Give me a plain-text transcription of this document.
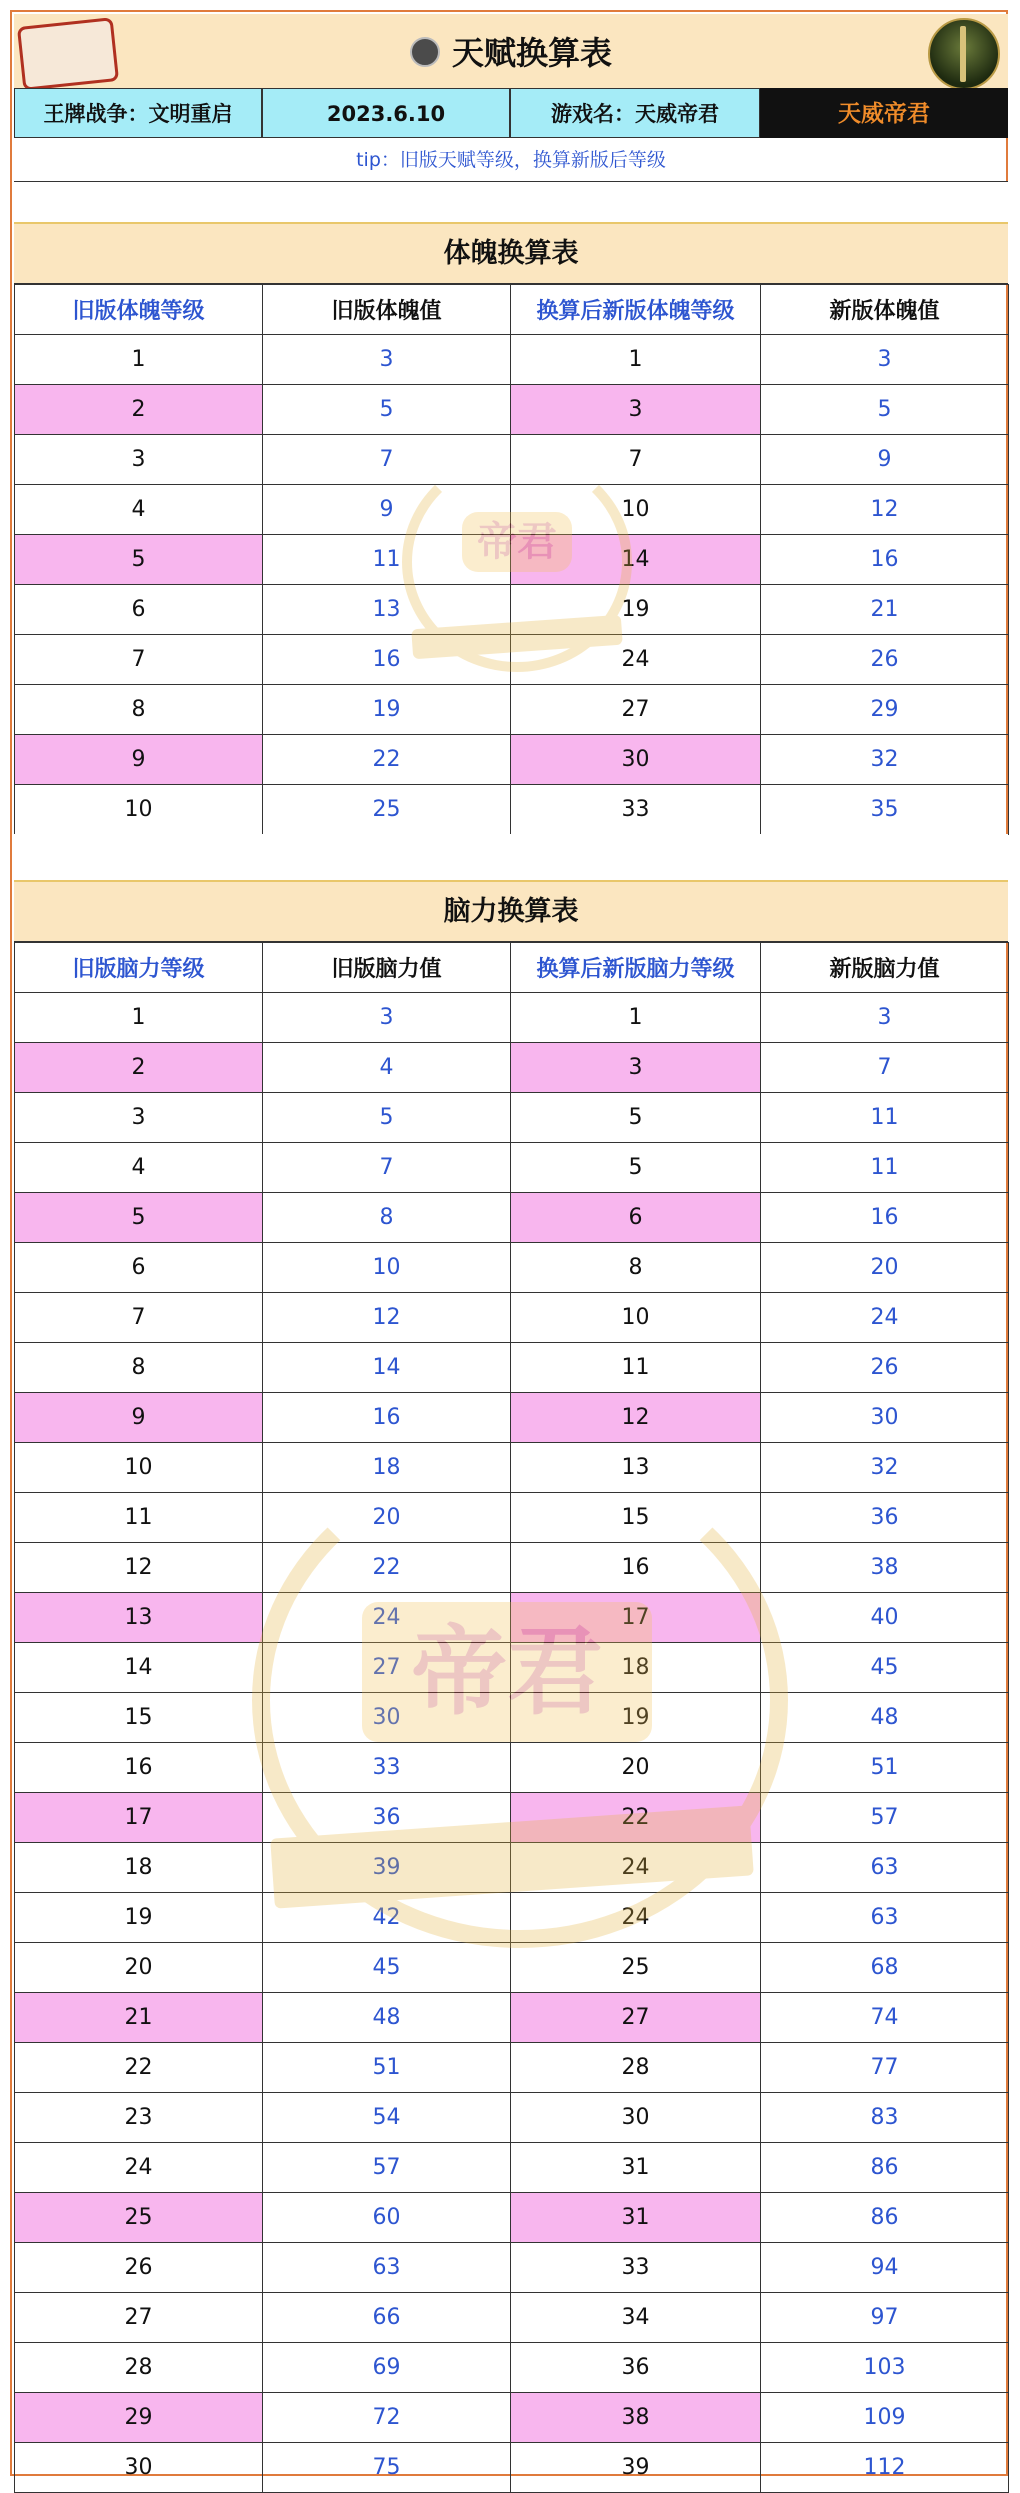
天赋换算表
王牌战争：文明重启	2023.6.10	游戏名：天威帝君	天威帝君
tip：旧版天赋等级，换算新版后等级
体魄换算表
旧版体魄等级	旧版体魄值	换算后新版体魄等级	新版体魄值
1	3	1	3
2	5	3	5
3	7	7	9
4	9	10	12
5	11	14	16
6	13	19	21
7	16	24	26
8	19	27	29
9	22	30	32
10	25	33	35
脑力换算表
旧版脑力等级	旧版脑力值	换算后新版脑力等级	新版脑力值
1	3	1	3
2	4	3	7
3	5	5	11
4	7	5	11
5	8	6	16
6	10	8	20
7	12	10	24
8	14	11	26
9	16	12	30
10	18	13	32
11	20	15	36
12	22	16	38
13	24	17	40
14	27	18	45
15	30	19	48
16	33	20	51
17	36	22	57
18	39	24	63
19	42	24	63
20	45	25	68
21	48	27	74
22	51	28	77
23	54	30	83
24	57	31	86
25	60	31	86
26	63	33	94
27	66	34	97
28	69	36	103
29	72	38	109
30	75	39	112
帝君
帝君
